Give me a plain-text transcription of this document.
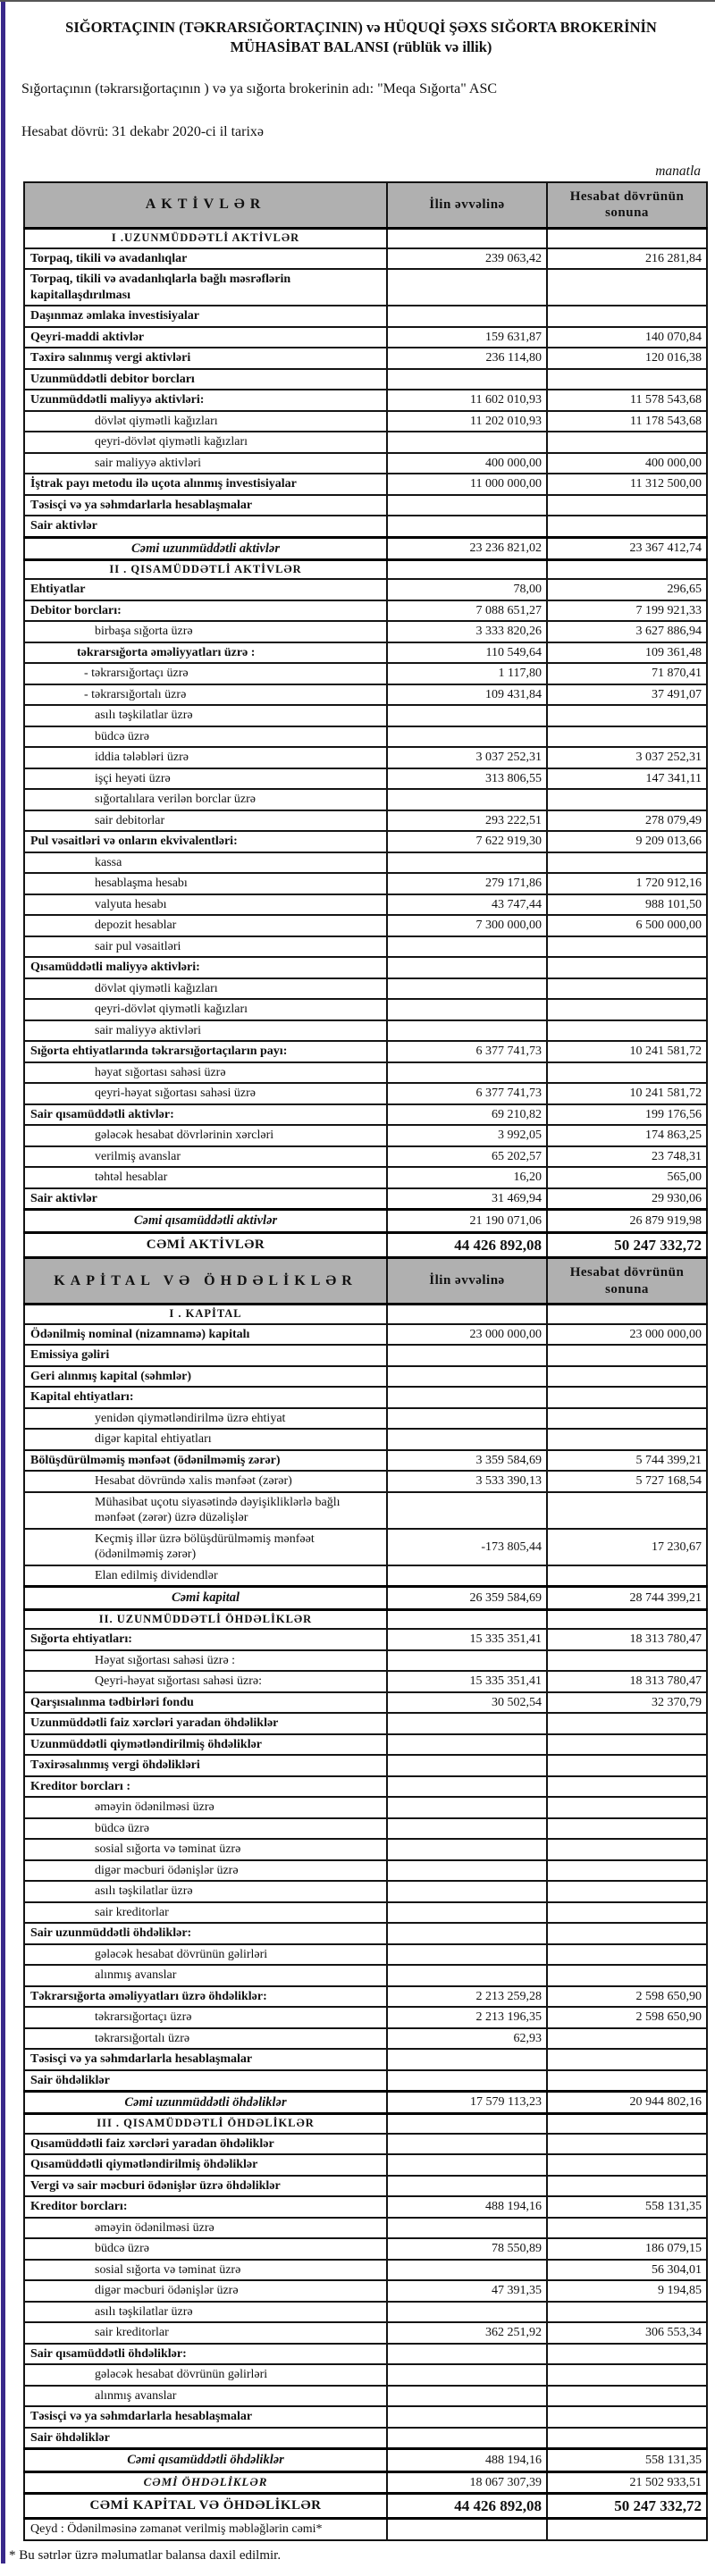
SIĞORTAÇININ (TƏKRARSIĞORTAÇININ) və HÜQUQİ ŞƏXS SIĞORTA BROKERİNİN
MÜHASİBAT BALANSI (rüblük və illik)
Sığortaçının (təkrarsığortaçının ) və ya sığorta brokerinin adı: "Meqa Sığorta" ASC
Hesabat dövrü: 31 dekabr 2020-ci il tarixə
manatla
AKTİVLƏR	İlin əvvəlinə	Hesabat dövrünün sonuna
I .UZUNMÜDDƏTLİ AKTİVLƏR		
Torpaq, tikili və avadanlıqlar	239 063,42	216 281,84
Torpaq, tikili və avadanlıqlarla bağlı məsrəflərin kapitallaşdırılması		
Daşınmaz əmlaka investisiyalar		
Qeyri-maddi aktivlər	159 631,87	140 070,84
Təxirə salınmış vergi aktivləri	236 114,80	120 016,38
Uzunmüddətli debitor borcları		
Uzunmüddətli maliyyə aktivləri:	11 602 010,93	11 578 543,68
dövlət qiymətli kağızları	11 202 010,93	11 178 543,68
qeyri-dövlət qiymətli kağızları		
sair maliyyə aktivləri	400 000,00	400 000,00
İştrak payı metodu ilə uçota alınmış investisiyalar	11 000 000,00	11 312 500,00
Təsisçi və ya səhmdarlarla hesablaşmalar		
Sair aktivlər		
Cəmi uzunmüddətli aktivlər	23 236 821,02	23 367 412,74
II . QISAMÜDDƏTLİ AKTİVLƏR		
Ehtiyatlar	78,00	296,65
Debitor borcları:	7 088 651,27	7 199 921,33
birbaşa sığorta üzrə	3 333 820,26	3 627 886,94
təkrarsığorta əməliyyatları üzrə :	110 549,64	109 361,48
- təkrarsığortaçı üzrə	1 117,80	71 870,41
- təkrarsığortalı üzrə	109 431,84	37 491,07
asılı təşkilatlar üzrə		
büdcə üzrə		
iddia tələbləri üzrə	3 037 252,31	3 037 252,31
işçi heyəti üzrə	313 806,55	147 341,11
sığortalılara verilən borclar üzrə		
sair debitorlar	293 222,51	278 079,49
Pul vəsaitləri və onların ekvivalentləri:	7 622 919,30	9 209 013,66
kassa		
hesablaşma hesabı	279 171,86	1 720 912,16
valyuta hesabı	43 747,44	988 101,50
depozit hesablar	7 300 000,00	6 500 000,00
sair pul vəsaitləri		
Qısamüddətli maliyyə aktivləri:		
dövlət qiymətli kağızları		
qeyri-dövlət qiymətli kağızları		
sair maliyyə aktivləri		
Sığorta ehtiyatlarında təkrarsığortaçıların payı:	6 377 741,73	10 241 581,72
həyat sığortası sahəsi üzrə		
qeyri-həyat sığortası sahəsi üzrə	6 377 741,73	10 241 581,72
Sair qısamüddətli aktivlər:	69 210,82	199 176,56
gələcək hesabat dövrlərinin xərcləri	3 992,05	174 863,25
verilmiş avanslar	65 202,57	23 748,31
təhtəl hesablar	16,20	565,00
Sair aktivlər	31 469,94	29 930,06
Cəmi qısamüddətli aktivlər	21 190 071,06	26 879 919,98
CƏMİ AKTİVLƏR	44 426 892,08	50 247 332,72
KAPİTAL VƏ ÖHDƏLİKLƏR	İlin əvvəlinə	Hesabat dövrünün sonuna
I . KAPİTAL		
Ödənilmiş nominal (nizamnamə) kapitalı	23 000 000,00	23 000 000,00
Emissiya gəliri		
Geri alınmış kapital (səhmlər)		
Kapital ehtiyatları:		
yenidən qiymətləndirilmə üzrə ehtiyat		
digər kapital ehtiyatları		
Bölüşdürülməmiş mənfəət (ödənilməmiş zərər)	3 359 584,69	5 744 399,21
Hesabat dövründə xalis mənfəət (zərər)	3 533 390,13	5 727 168,54
Mühasibat uçotu siyasətində dəyişikliklərlə bağlı mənfəət (zərər) üzrə düzəlişlər		
Keçmiş illər üzrə bölüşdürülməmiş mənfəət (ödənilməmiş zərər)	-173 805,44	17 230,67
Elan edilmiş dividendlər		
Cəmi kapital	26 359 584,69	28 744 399,21
II. UZUNMÜDDƏTLİ ÖHDƏLİKLƏR		
Sığorta ehtiyatları:	15 335 351,41	18 313 780,47
Həyat sığortası sahəsi üzrə :		
Qeyri-həyat sığortası sahəsi üzrə:	15 335 351,41	18 313 780,47
Qarşısıalınma tədbirləri fondu	30 502,54	32 370,79
Uzunmüddətli faiz xərcləri yaradan öhdəliklər		
Uzunmüddətli qiymətləndirilmiş öhdəliklər		
Təxirəsalınmış vergi öhdəlikləri		
Kreditor borcları :		
əməyin ödənilməsi üzrə		
büdcə üzrə		
sosial sığorta və təminat üzrə		
digər məcburi ödənişlər üzrə		
asılı təşkilatlar üzrə		
sair kreditorlar		
Sair uzunmüddətli öhdəliklər:		
gələcək hesabat dövrünün gəlirləri		
alınmış avanslar		
Təkrarsığorta əməliyyatları üzrə öhdəliklər:	2 213 259,28	2 598 650,90
təkrarsığortaçı üzrə	2 213 196,35	2 598 650,90
təkrarsığortalı üzrə	62,93	
Təsisçi və ya səhmdarlarla hesablaşmalar		
Sair öhdəliklər		
Cəmi uzunmüddətli öhdəliklər	17 579 113,23	20 944 802,16
III . QISAMÜDDƏTLİ ÖHDƏLİKLƏR		
Qısamüddətli faiz xərcləri yaradan öhdəliklər		
Qısamüddətli qiymətləndirilmiş öhdəliklər		
Vergi və sair məcburi ödənişlər üzrə öhdəliklər		
Kreditor borcları:	488 194,16	558 131,35
əməyin ödənilməsi üzrə		
büdcə üzrə	78 550,89	186 079,15
sosial sığorta və təminat üzrə		56 304,01
digər məcburi ödənişlər üzrə	47 391,35	9 194,85
asılı təşkilatlar üzrə		
sair kreditorlar	362 251,92	306 553,34
Sair qısamüddətli öhdəliklər:		
gələcək hesabat dövrünün gəlirləri		
alınmış avanslar		
Təsisçi və ya səhmdarlarla hesablaşmalar		
Sair öhdəliklər		
Cəmi qısamüddətli öhdəliklər	488 194,16	558 131,35
CƏMİ ÖHDƏLİKLƏR	18 067 307,39	21 502 933,51
CƏMİ KAPİTAL VƏ ÖHDƏLİKLƏR	44 426 892,08	50 247 332,72
Qeyd : Ödənilməsinə zəmanət verilmiş məbləğlərin cəmi*		
* Bu sətrlər üzrə məlumatlar balansa daxil edilmir.
